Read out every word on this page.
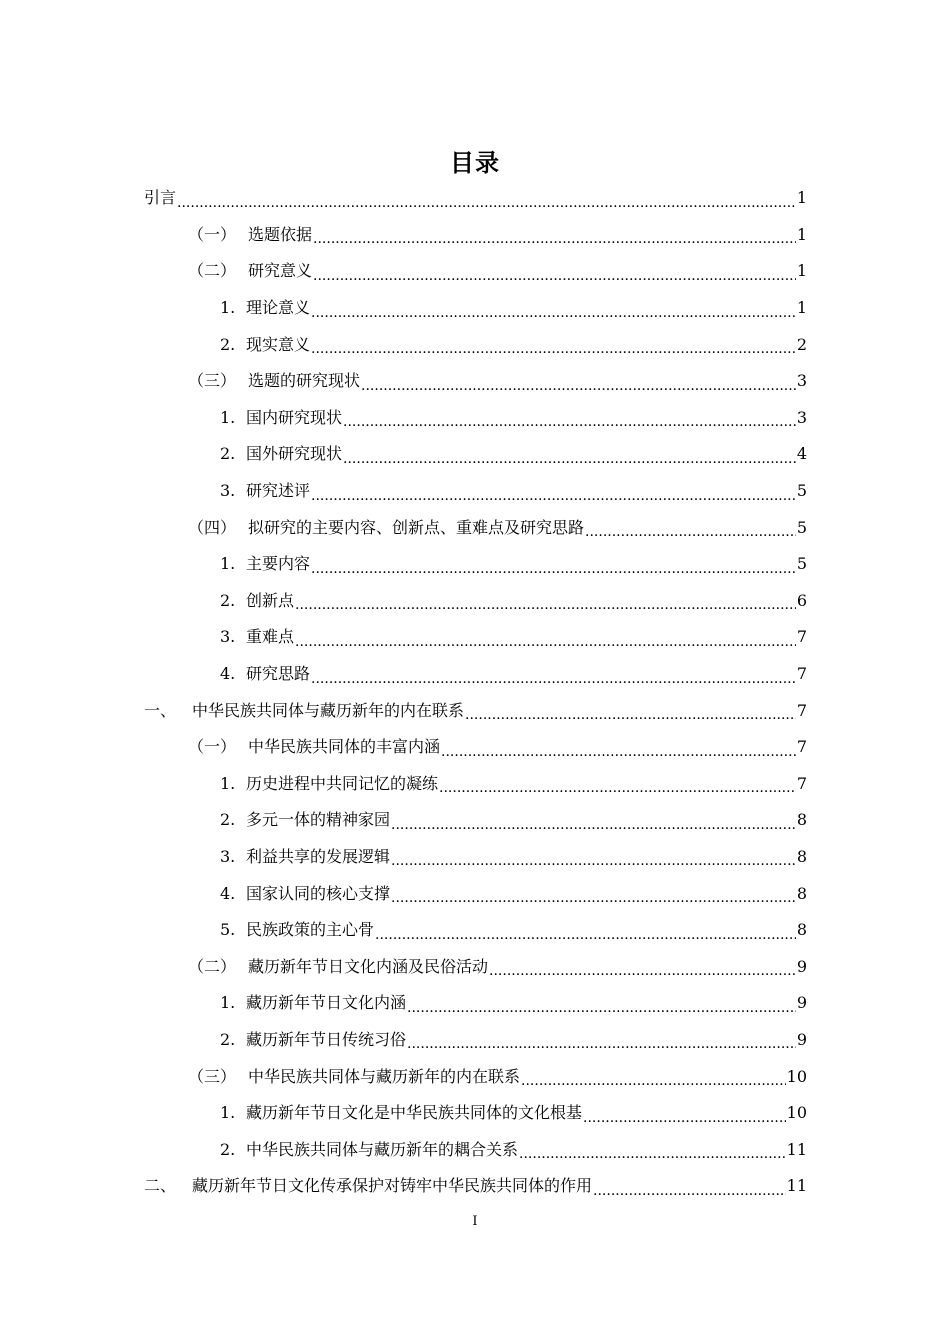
目录
引言 .....	1
（一） 选题依据 .....	1
（二） 研究意义 .....	1
1. 理论意义 .....	1
2. 现实意义 .....	2
（三） 选题的研究现状 .....	3
1. 国内研究现状 .....	3
2. 国外研究现状 .....	4
3. 研究述评 .....	5
（四） 拟研究的主要内容、创新点、重难点及研究思路 .....	5
1. 主要内容 .....	5
2. 创新点 .....	6
3. 重难点 .....	7
4. 研究思路 .....	7
一、 中华民族共同体与藏历新年的内在联系 .....	7
（一） 中华民族共同体的丰富内涵 .....	7
1. 历史进程中共同记忆的凝练 .....	7
2. 多元一体的精神家园 .....	8
3. 利益共享的发展逻辑 .....	8
4. 国家认同的核心支撑 .....	8
5. 民族政策的主心骨 .....	8
（二） 藏历新年节日文化内涵及民俗活动 .....	9
1. 藏历新年节日文化内涵 .....	9
2. 藏历新年节日传统习俗 .....	9
（三） 中华民族共同体与藏历新年的内在联系 .....	10
1. 藏历新年节日文化是中华民族共同体的文化根基 .....	10
2. 中华民族共同体与藏历新年的耦合关系 .....	11
二、 藏历新年节日文化传承保护对铸牢中华民族共同体的作用 .....	11
I
